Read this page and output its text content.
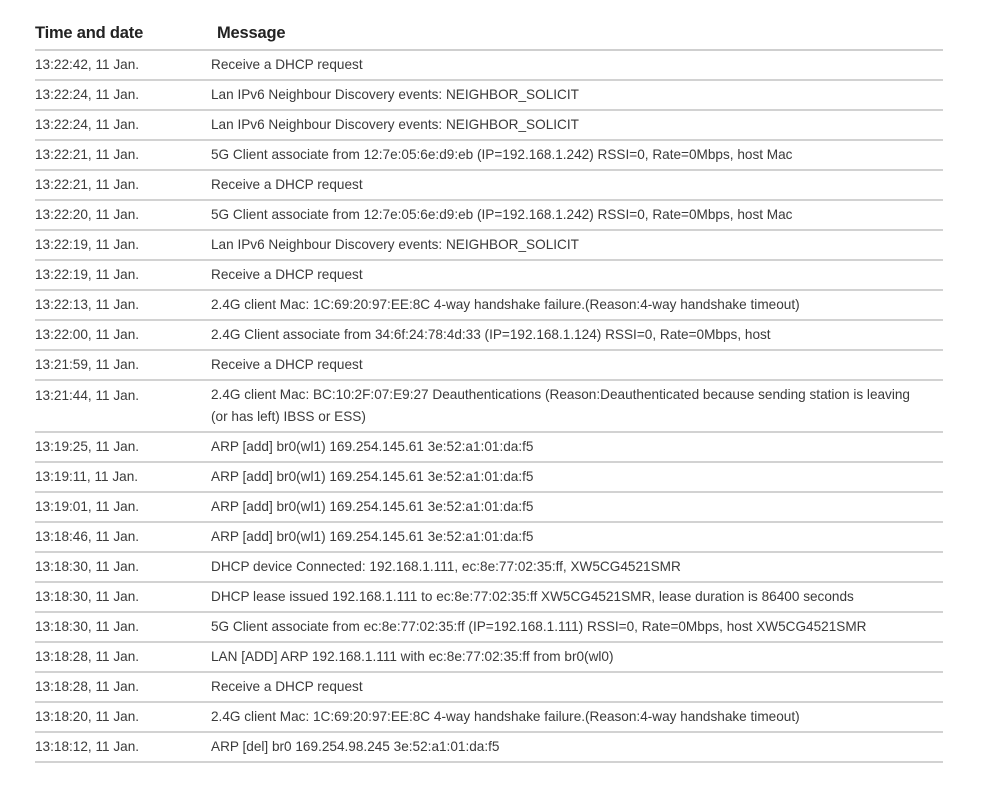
Time and date	Message
13:22:42, 11 Jan.	Receive a DHCP request
13:22:24, 11 Jan.	Lan IPv6 Neighbour Discovery events: NEIGHBOR_SOLICIT
13:22:24, 11 Jan.	Lan IPv6 Neighbour Discovery events: NEIGHBOR_SOLICIT
13:22:21, 11 Jan.	5G Client associate from 12:7e:05:6e:d9:eb (IP=192.168.1.242) RSSI=0, Rate=0Mbps, host Mac
13:22:21, 11 Jan.	Receive a DHCP request
13:22:20, 11 Jan.	5G Client associate from 12:7e:05:6e:d9:eb (IP=192.168.1.242) RSSI=0, Rate=0Mbps, host Mac
13:22:19, 11 Jan.	Lan IPv6 Neighbour Discovery events: NEIGHBOR_SOLICIT
13:22:19, 11 Jan.	Receive a DHCP request
13:22:13, 11 Jan.	2.4G client Mac: 1C:69:20:97:EE:8C 4-way handshake failure.(Reason:4-way handshake timeout)
13:22:00, 11 Jan.	2.4G Client associate from 34:6f:24:78:4d:33 (IP=192.168.1.124) RSSI=0, Rate=0Mbps, host
13:21:59, 11 Jan.	Receive a DHCP request
13:21:44, 11 Jan.	2.4G client Mac: BC:10:2F:07:E9:27 Deauthentications (Reason:Deauthenticated because sending station is leaving (or has left) IBSS or ESS)
13:19:25, 11 Jan.	ARP [add] br0(wl1) 169.254.145.61 3e:52:a1:01:da:f5
13:19:11, 11 Jan.	ARP [add] br0(wl1) 169.254.145.61 3e:52:a1:01:da:f5
13:19:01, 11 Jan.	ARP [add] br0(wl1) 169.254.145.61 3e:52:a1:01:da:f5
13:18:46, 11 Jan.	ARP [add] br0(wl1) 169.254.145.61 3e:52:a1:01:da:f5
13:18:30, 11 Jan.	DHCP device Connected: 192.168.1.111, ec:8e:77:02:35:ff, XW5CG4521SMR
13:18:30, 11 Jan.	DHCP lease issued 192.168.1.111 to ec:8e:77:02:35:ff XW5CG4521SMR, lease duration is 86400 seconds
13:18:30, 11 Jan.	5G Client associate from ec:8e:77:02:35:ff (IP=192.168.1.111) RSSI=0, Rate=0Mbps, host XW5CG4521SMR
13:18:28, 11 Jan.	LAN [ADD] ARP 192.168.1.111 with ec:8e:77:02:35:ff from br0(wl0)
13:18:28, 11 Jan.	Receive a DHCP request
13:18:20, 11 Jan.	2.4G client Mac: 1C:69:20:97:EE:8C 4-way handshake failure.(Reason:4-way handshake timeout)
13:18:12, 11 Jan.	ARP [del] br0 169.254.98.245 3e:52:a1:01:da:f5
